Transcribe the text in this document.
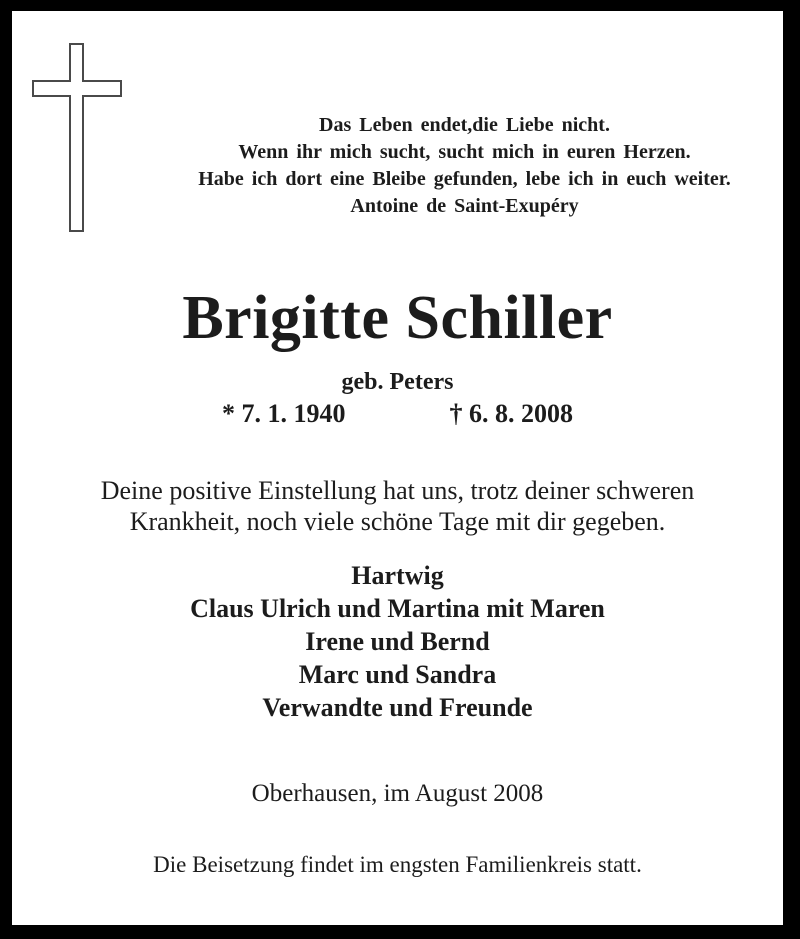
Das Leben endet,die Liebe nicht.
Wenn ihr mich sucht, sucht mich in euren Herzen.
Habe ich dort eine Bleibe gefunden, lebe ich in euch weiter.
Antoine de Saint-Exupéry
Brigitte Schiller
geb. Peters
* 7. 1. 1940	† 6. 8. 2008
Deine positive Einstellung hat uns, trotz deiner schweren
Krankheit, noch viele schöne Tage mit dir gegeben.
Hartwig
Claus Ulrich und Martina mit Maren
Irene und Bernd
Marc und Sandra
Verwandte und Freunde
Oberhausen, im August 2008
Die Beisetzung findet im engsten Familienkreis statt.
